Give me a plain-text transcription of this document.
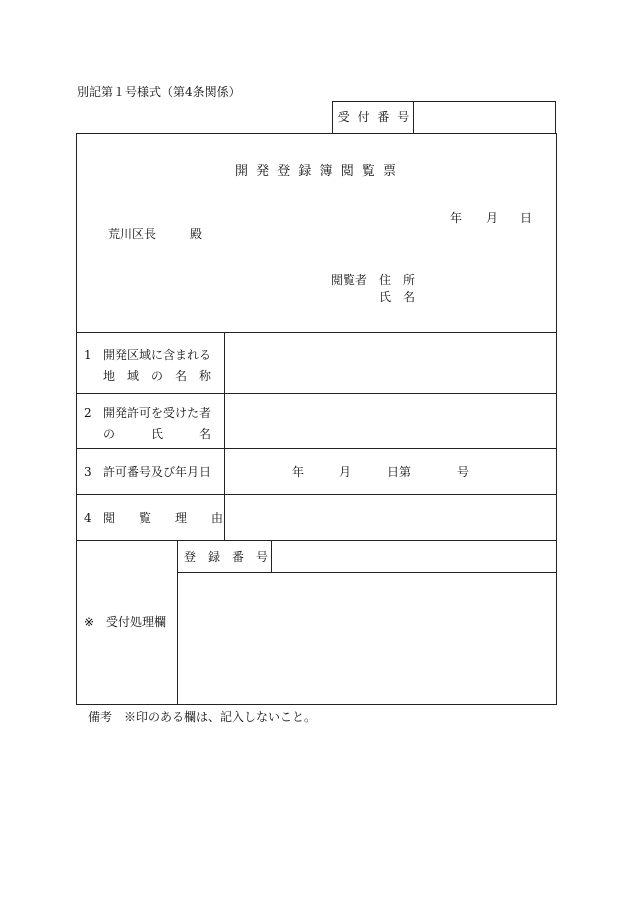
別記第１号様式（第4条関係）
受 付 番 号
開 発 登 録 簿 閲 覧 票
年 月 日
荒川区長	殿
閲覧者 住　所
氏　名
1 開発区域に含まれる
地　域　の　名　称
2 開発許可を受けた者
の　　　氏　　　名
3 許可番号及び年月日	年	月	日第	号
4 閲　　覧　　理　　由
※ 受付処理欄
登　録　番　号
備考　※印のある欄は、記入しないこと。
